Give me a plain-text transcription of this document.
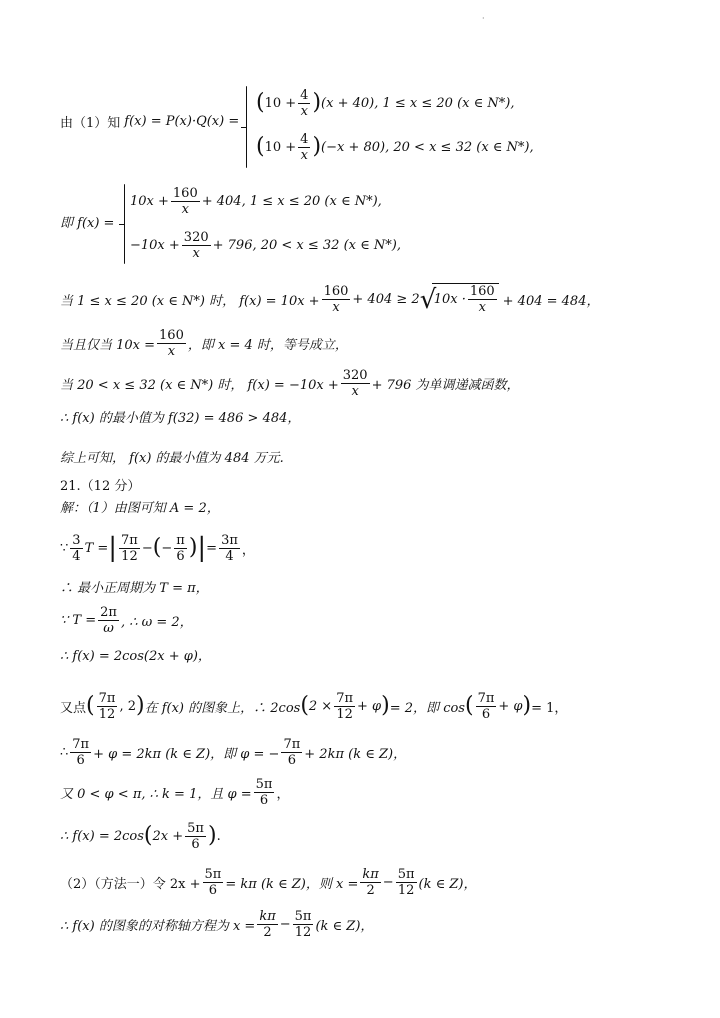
·
由（1）知 f(x) = P(x)·Q(x) =
( $10 + \frac{4}{x}$ ) (x + 40), 1 ≤ x ≤ 20 (x ∈ N*),
( $10 + \frac{4}{x}$ ) (−x + 80), 20 < x ≤ 32 (x ∈ N*),
即 f(x) =
$10x + \frac{160}{x} + 404$, 1 ≤ x ≤ 20 (x ∈ N*),
$-10x + \frac{320}{x} + 796$, 20 < x ≤ 32 (x ∈ N*),
当 1 ≤ x ≤ 20 (x ∈ N*) 时， $f(x) = 10x + \frac{160}{x} + 404 \ge 2$
√ $10x \cdot \frac{160}{x} + 404 = 484$，
当且仅当 $10x = \frac{160}{x}$ ，即 x = 4 时，等号成立，
当 20 < x ≤ 32 (x ∈ N*) 时， $f(x) = -10x + \frac{320}{x} + 796$ 为单调递减函数，
∴ f(x) 的最小值为 f(32) = 486 > 484，
综上可知， f(x) 的最小值为 484 万元.
21.（12 分）
解：（1）由图可知 A = 2，
∵ $\frac{3}{4}$ T = | $\frac{7\pi}{12}$ − ( − $\frac{\pi}{6}$ ) | = $\frac{3\pi}{4}$ ，
∴ 最小正周期为 T = π，
∵ $T = \frac{2\pi}{\omega}$ , ∴ ω = 2，
∴ f(x) = 2cos(2x + φ)，
又点 ( $\frac{7\pi}{12}$ , 2 ) 在 f(x) 的图象上，∴ 2cos ( $2 \times \frac{7\pi}{12} + \varphi$ ) = 2，即 cos ( $\frac{7\pi}{6} + \varphi$ ) = 1，
∴ $\frac{7\pi}{6} + \varphi = 2k\pi$ (k ∈ Z)，即 φ = − $\frac{7\pi}{6} + 2k\pi$ (k ∈ Z)，
又 0 < φ < π, ∴ k = 1，且 $\varphi = \frac{5\pi}{6}$ ，
∴ f(x) = 2cos ( $2x + \frac{5\pi}{6}$ ) .
（2）（方法一）令 $2x + \frac{5\pi}{6} = k\pi$ (k ∈ Z)，则 $x = \frac{k\pi}{2} - \frac{5\pi}{12} (k$ ∈ Z)，
∴ f(x) 的图象的对称轴方程为 $x = \frac{k\pi}{2} - \frac{5\pi}{12} (k$ ∈ Z)，
